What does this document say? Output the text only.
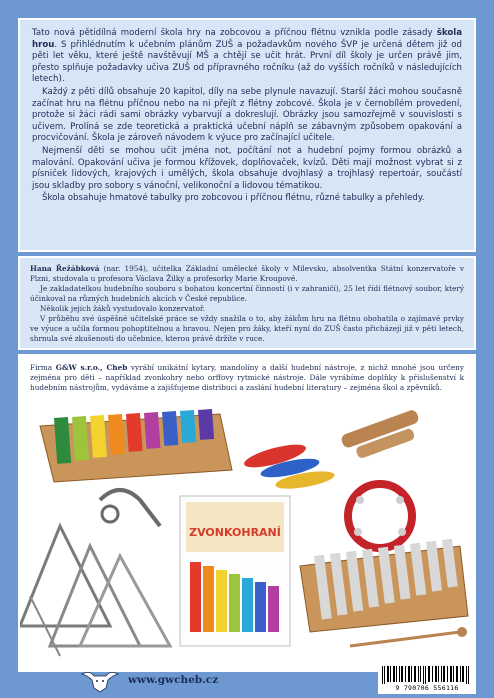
Tato nová pětidílná moderní škola hry na zobcovou a příčnou flétnu vznikla podle zásady škola hrou. S přihlédnutím k učebním plánům ZUŠ a požadavkům nového ŠVP je určená dětem již od pěti let věku, které ještě navštěvují MŠ a chtějí se učit hrát. První díl školy je určen právě jim, přesto splňuje požadavky učiva ZUŠ od přípravného ročníku (až do vyšších ročníků v následujících letech).

Každý z pěti dílů obsahuje 20 kapitol, díly na sebe plynule navazují. Starší žáci mohou současně začínat hru na flétnu příčnou nebo na ni přejít z flétny zobcové. Škola je v černobílém provedení, protože si žáci rádi sami obrázky vybarvují a dokreslují. Obrázky jsou samozřejmě v souvislosti s učivem. Prolíná se zde teoretická a praktická učební náplň se zábavným způsobem opakování a procvičování. Škola je zároveň návodem k výuce pro začínající učitele.

Nejmenší děti se mohou učit jména not, počítání not a hudební pojmy formou obrázků a malování. Opakování učiva je formou křížovek, doplňovaček, kvízů. Děti mají možnost vybrat si z písniček lidových, krajových i umělých, škola obsahuje dvojhlasý a trojhlasý repertoár, součástí jsou skladby pro sobory s vánoční, velikonoční a lidovou tématikou.

Škola obsahuje hmatové tabulky pro zobcovou i příčnou flétnu, různé tabulky a přehledy.

Hana Řežábková (nar. 1954), učitelka Základní umělecké školy v Milevsku, absolventka Státní konzervatoře v Plzni, studovala u profesora Václava Žilky a profesorky Marie Kroupové.

Je zakladatelkou hudebního souboru s bohatou koncertní činností (i v zahraničí), 25 let řídí flétnový soubor, který účinkoval na různých hudebních akcích v České republice.

Několik jejích žáků vystudovalo konzervatoř.

V průběhu své úspěšné učitelské práce se vždy snažila o to, aby žákům hru na flétnu obohatila o zajímavé prvky ve výuce a učila formou pohoptitelnou a hravou. Nejen pro žáky, kteří nyní do ZUŠ často přicházejí již v pěti letech, shrnula své zkušenosti do učebnice, kterou právě držíte v ruce.

Firma G&W s.r.o., Cheb vyrábí unikátní kytary, mandolíny a další hudební nástroje, z nichž mnohé jsou určeny zejména pro děti – například zvonkohry nebo orffovy rytmické nástroje. Dále vyrábíme doplňky k příslušenství k hudebním nástrojům, vydáváme a zajišťujeme distribuci a zaslání hudební literatury – zejména škol a zpěvníků.

ZVONKOHRANÍ
www.gwcheb.cz
9 790706 556116
